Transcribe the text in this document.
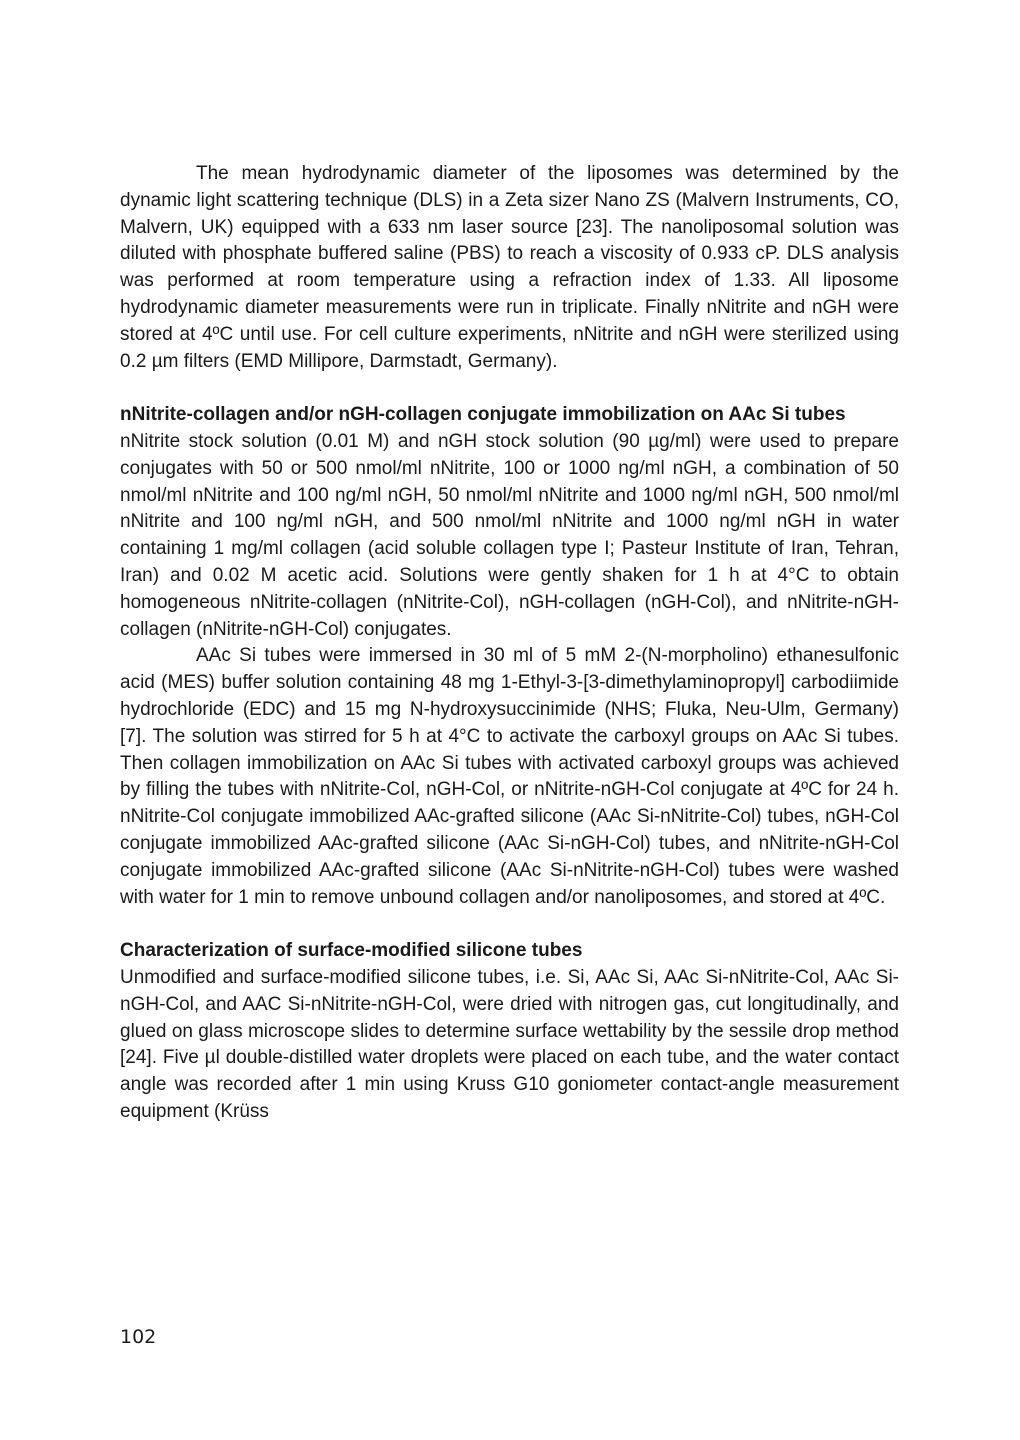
The mean hydrodynamic diameter of the liposomes was determined by the dynamic light scattering technique (DLS) in a Zeta sizer Nano ZS (Malvern Instruments, CO, Malvern, UK) equipped with a 633 nm laser source [23]. The nanoliposomal solution was diluted with phosphate buffered saline (PBS) to reach a viscosity of 0.933 cP. DLS analysis was performed at room temperature using a refraction index of 1.33. All liposome hydrodynamic diameter measurements were run in triplicate. Finally nNitrite and nGH were stored at 4ºC until use. For cell culture experiments, nNitrite and nGH were sterilized using 0.2 µm filters (EMD Millipore, Darmstadt, Germany).

nNitrite-collagen and/or nGH-collagen conjugate immobilization on AAc Si tubes

nNitrite stock solution (0.01 M) and nGH stock solution (90 µg/ml) were used to prepare conjugates with 50 or 500 nmol/ml nNitrite, 100 or 1000 ng/ml nGH, a combination of 50 nmol/ml nNitrite and 100 ng/ml nGH, 50 nmol/ml nNitrite and 1000 ng/ml nGH, 500 nmol/ml nNitrite and 100 ng/ml nGH, and 500 nmol/ml nNitrite and 1000 ng/ml nGH in water containing 1 mg/ml collagen (acid soluble collagen type I; Pasteur Institute of Iran, Tehran, Iran) and 0.02 M acetic acid. Solutions were gently shaken for 1 h at 4°C to obtain homogeneous nNitrite-collagen (nNitrite-Col), nGH-collagen (nGH-Col), and nNitrite-nGH-collagen (nNitrite-nGH-Col) conjugates.

AAc Si tubes were immersed in 30 ml of 5 mM 2-(N-morpholino) ethanesulfonic acid (MES) buffer solution containing 48 mg 1-Ethyl-3-[3-dimethylaminopropyl] carbodiimide hydrochloride (EDC) and 15 mg N-hydroxysuccinimide (NHS; Fluka, Neu-Ulm, Germany) [7]. The solution was stirred for 5 h at 4°C to activate the carboxyl groups on AAc Si tubes. Then collagen immobilization on AAc Si tubes with activated carboxyl groups was achieved by filling the tubes with nNitrite-Col, nGH-Col, or nNitrite-nGH-Col conjugate at 4ºC for 24 h. nNitrite-Col conjugate immobilized AAc-grafted silicone (AAc Si-nNitrite-Col) tubes, nGH-Col conjugate immobilized AAc-grafted silicone (AAc Si-nGH-Col) tubes, and nNitrite-nGH-Col conjugate immobilized AAc-grafted silicone (AAc Si-nNitrite-nGH-Col) tubes were washed with water for 1 min to remove unbound collagen and/or nanoliposomes, and stored at 4ºC.

Characterization of surface-modified silicone tubes

Unmodified and surface-modified silicone tubes, i.e. Si, AAc Si, AAc Si-nNitrite-Col, AAc Si-nGH-Col, and AAC Si-nNitrite-nGH-Col, were dried with nitrogen gas, cut longitudinally, and glued on glass microscope slides to determine surface wettability by the sessile drop method [24]. Five µl double-distilled water droplets were placed on each tube, and the water contact angle was recorded after 1 min using Kruss G10 goniometer contact-angle measurement equipment (Krüss

102
